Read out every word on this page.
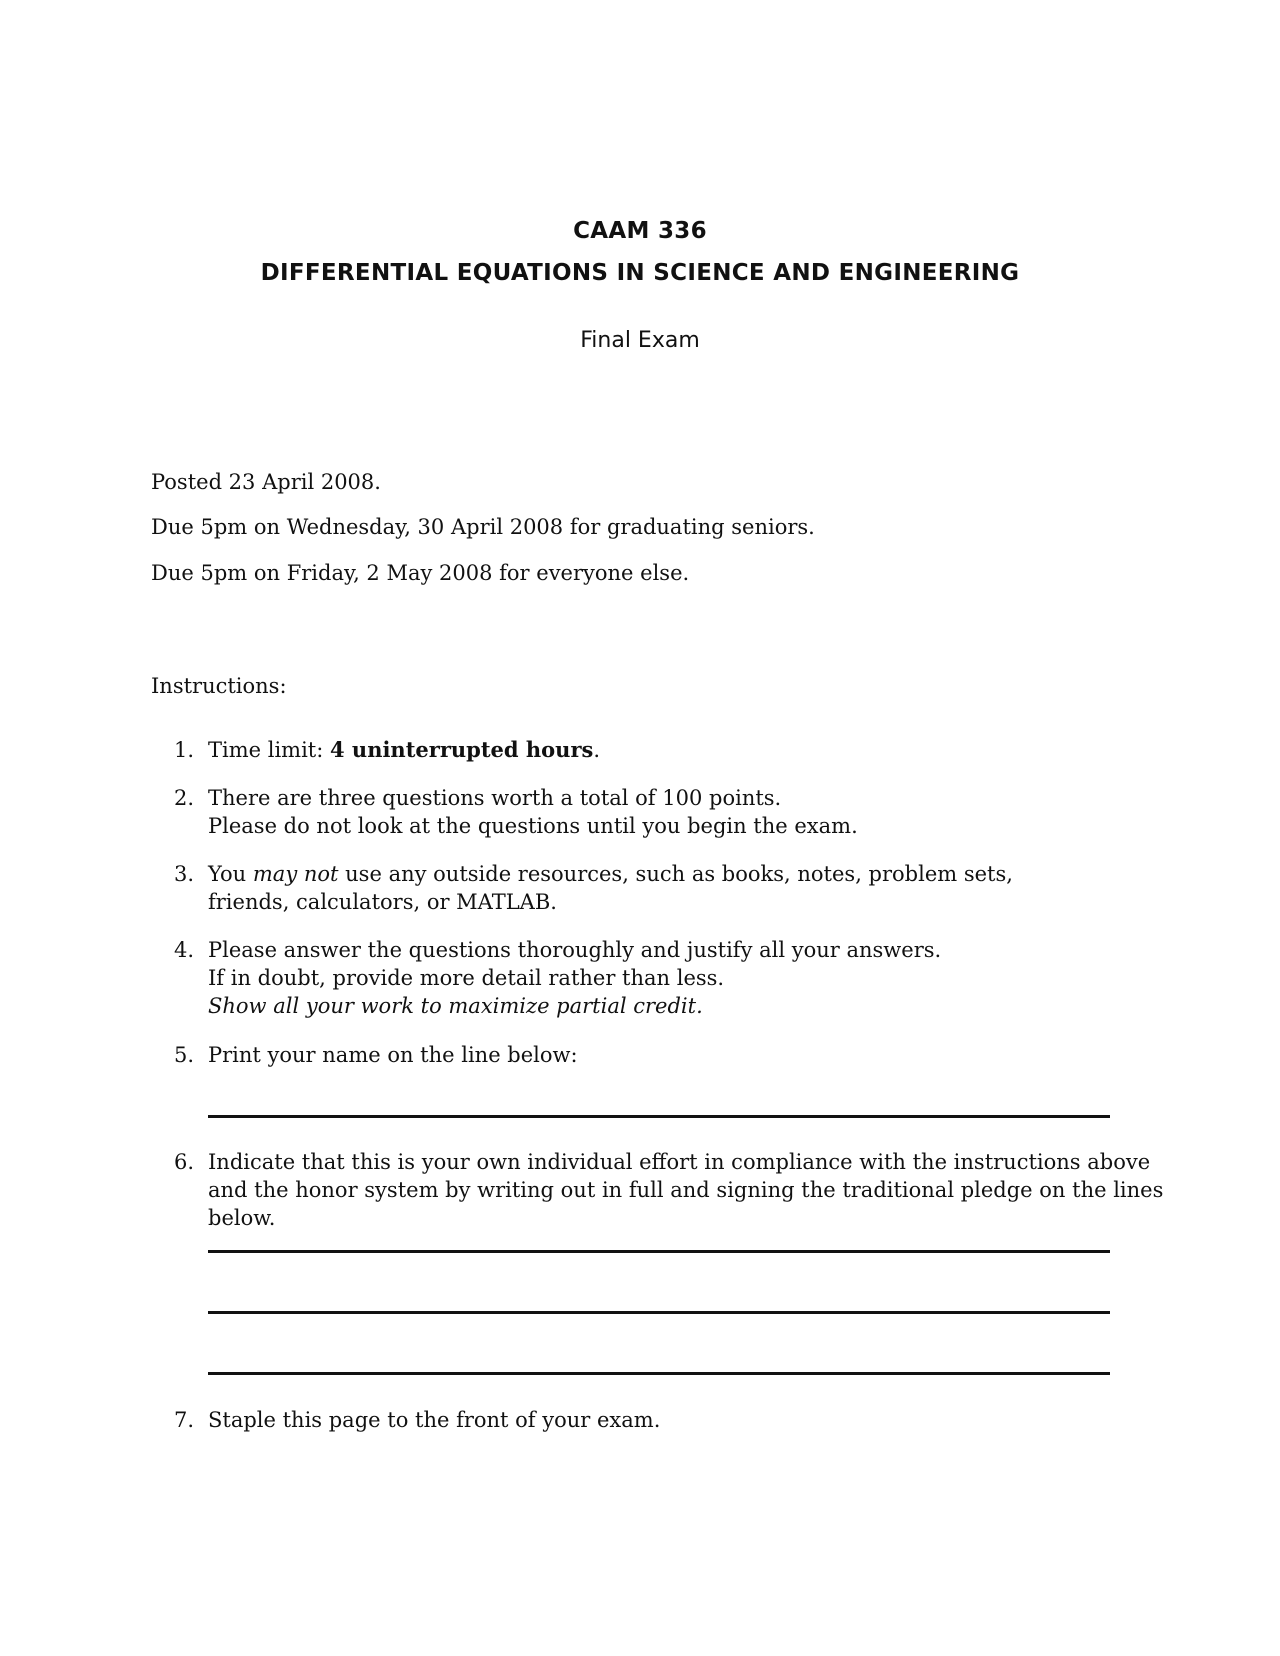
CAAM 336
DIFFERENTIAL EQUATIONS IN SCIENCE AND ENGINEERING
Final Exam
Posted 23 April 2008.
Due 5pm on Wednesday, 30 April 2008 for graduating seniors.
Due 5pm on Friday, 2 May 2008 for everyone else.
Instructions:
1. Time limit: 4 uninterrupted hours.
2. There are three questions worth a total of 100 points.
Please do not look at the questions until you begin the exam.
3. You may not use any outside resources, such as books, notes, problem sets, friends, calculators, or MATLAB.
4. Please answer the questions thoroughly and justify all your answers.
If in doubt, provide more detail rather than less.
Show all your work to maximize partial credit.
5. Print your name on the line below:
6. Indicate that this is your own individual effort in compliance with the instructions above and the honor system by writing out in full and signing the traditional pledge on the lines below.
7. Staple this page to the front of your exam.
